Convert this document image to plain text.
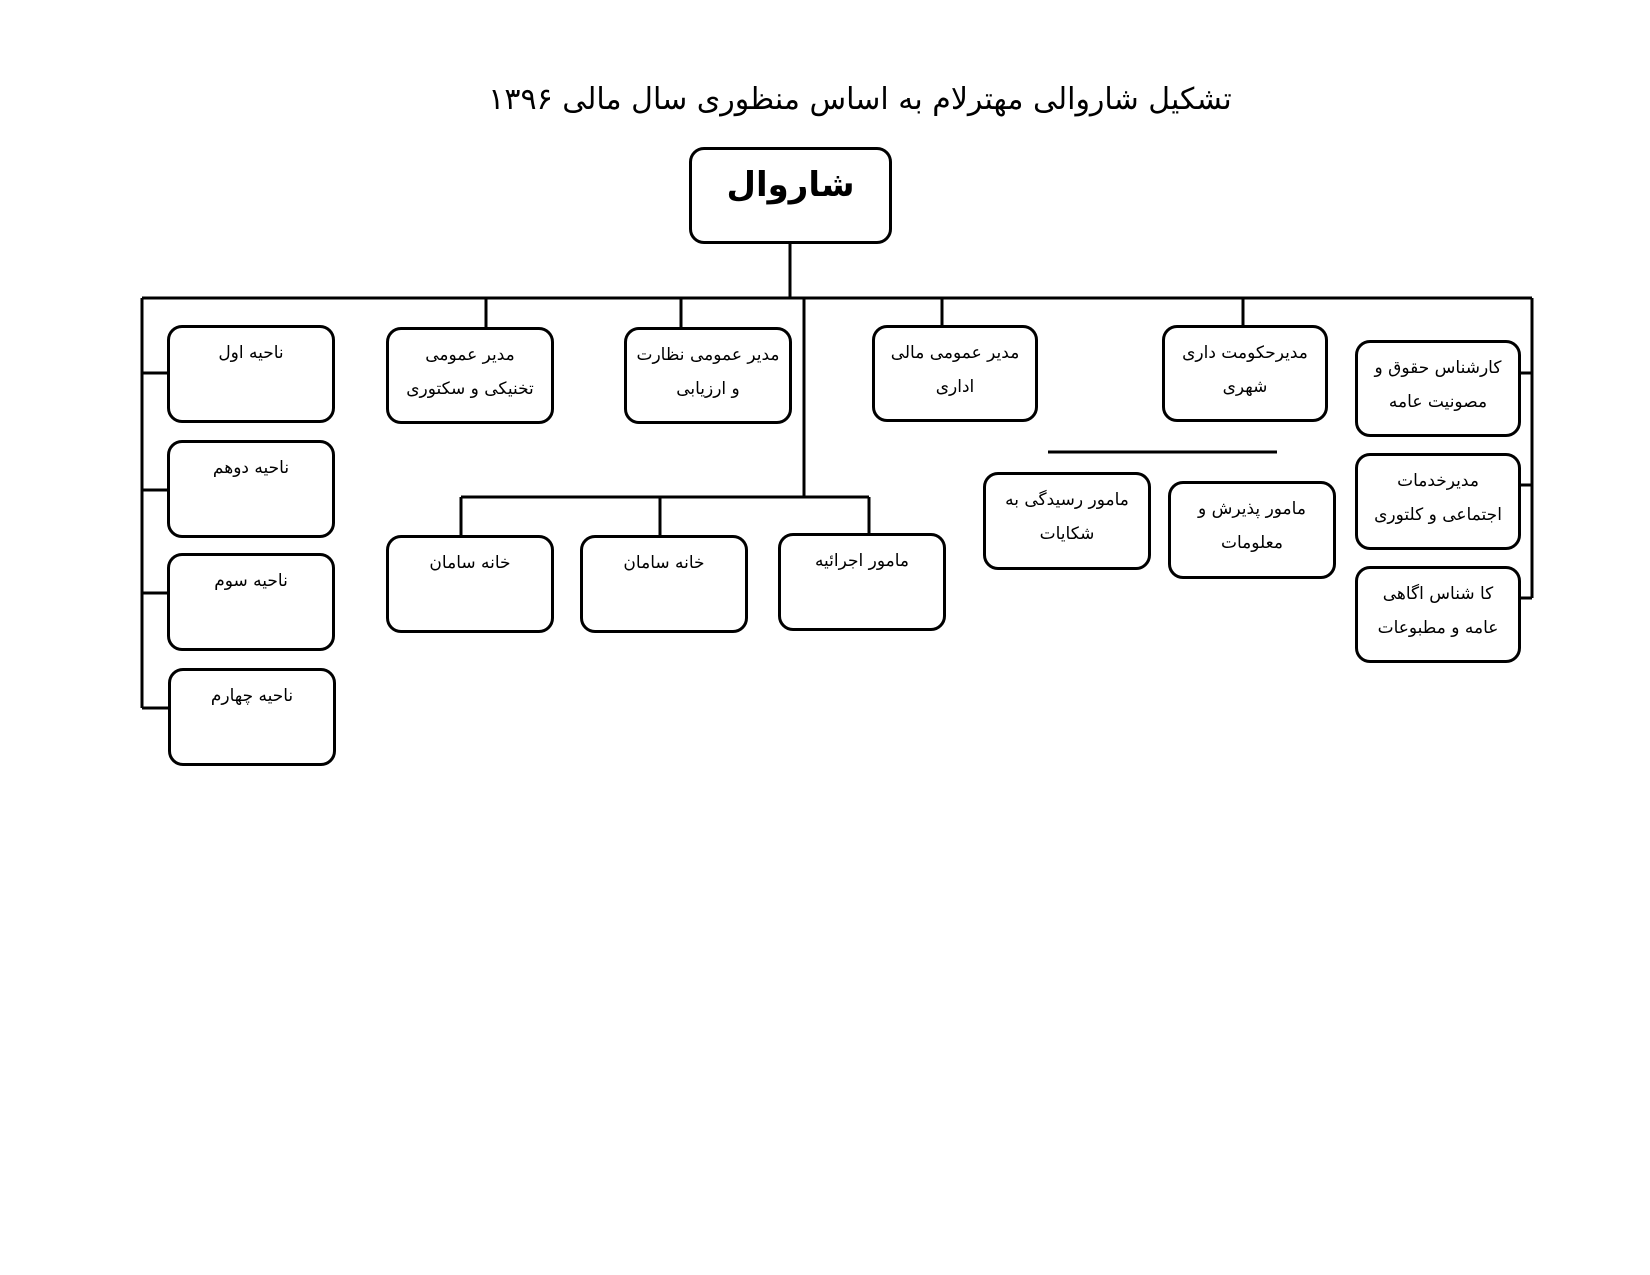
تشکیل شاروالی مهترلام به اساس منظوری سال مالی ۱۳۹۶
شاروال
کارشناس حقوق و
مصونیت عامه
مدیرخدمات
اجتماعی و کلتوری
کا شناس اگاهی
عامه و مطبوعات
مدیرحکومت داری
شهری
مدیر عمومی مالی
اداری
مدیر عمومی نظارت
و ارزیابی
مدیر عمومی
تخنیکی و سکتوری
مامور پذیرش و
معلومات
مامور رسیدگی به
شکایات
مامور اجرائیه
خانه سامان
خانه سامان
ناحیه اول
ناحیه دوهم
ناحیه سوم
ناحیه چهارم
